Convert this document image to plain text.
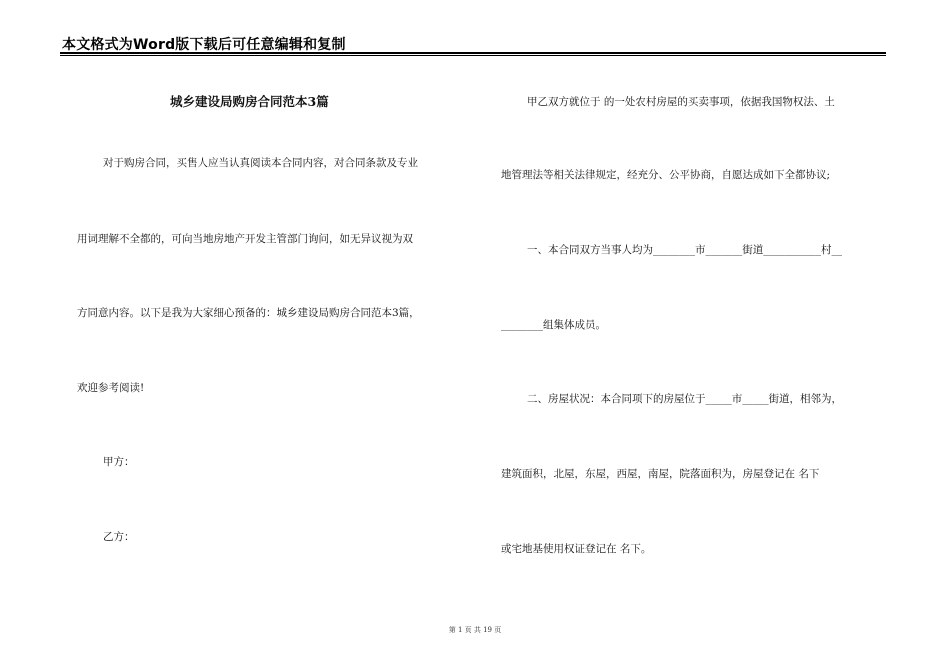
本文格式为Word版下载后可任意编辑和复制
城乡建设局购房合同范本3篇
对于购房合同，买售人应当认真阅读本合同内容，对合同条款及专业
用词理解不全都的，可向当地房地产开发主管部门询问，如无异议视为双
方同意内容。以下是我为大家细心预备的：城乡建设局购房合同范本3篇，
欢迎参考阅读!
甲方：
乙方：
甲乙双方就位于 的一处农村房屋的买卖事项，依据我国物权法、土
地管理法等相关法律规定，经充分、公平协商，自愿达成如下全都协议;
一、本合同双方当事人均为________市_______街道___________村__
________组集体成员。
二、房屋状况：本合同项下的房屋位于_____市_____街道，相邻为，
建筑面积，北屋，东屋，西屋，南屋，院落面积为，房屋登记在 名下
或宅地基使用权证登记在 名下。
第 1 页 共 19 页
